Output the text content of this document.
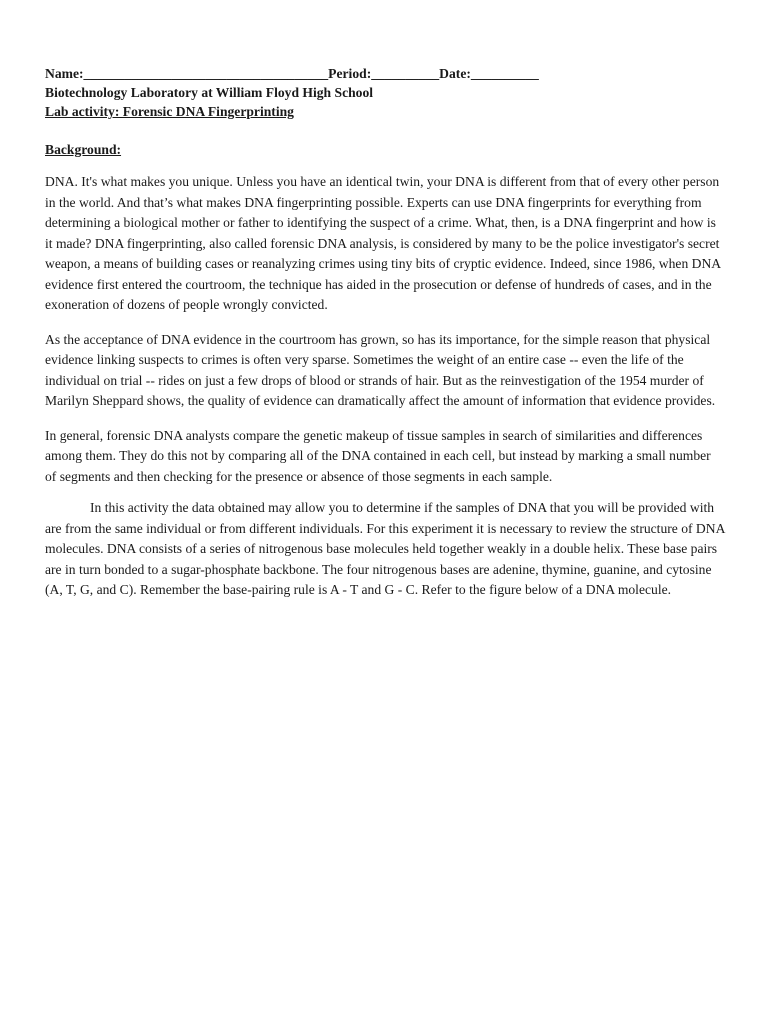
Name:____________________________________Period:__________Date:__________
Biotechnology Laboratory at William Floyd High School
Lab activity: Forensic DNA Fingerprinting
Background:

DNA. It's what makes you unique. Unless you have an identical twin, your DNA is different from that of every other person in the world. And that’s what makes DNA fingerprinting possible. Experts can use DNA fingerprints for everything from determining a biological mother or father to identifying the suspect of a crime. What, then, is a DNA fingerprint and how is it made? DNA fingerprinting, also called forensic DNA analysis, is considered by many to be the police investigator's secret weapon, a means of building cases or reanalyzing crimes using tiny bits of cryptic evidence. Indeed, since 1986, when DNA evidence first entered the courtroom, the technique has aided in the prosecution or defense of hundreds of cases, and in the exoneration of dozens of people wrongly convicted.

As the acceptance of DNA evidence in the courtroom has grown, so has its importance, for the simple reason that physical evidence linking suspects to crimes is often very sparse. Sometimes the weight of an entire case -- even the life of the individual on trial -- rides on just a few drops of blood or strands of hair. But as the reinvestigation of the 1954 murder of Marilyn Sheppard shows, the quality of evidence can dramatically affect the amount of information that evidence provides.

In general, forensic DNA analysts compare the genetic makeup of tissue samples in search of similarities and differences among them. They do this not by comparing all of the DNA contained in each cell, but instead by marking a small number of segments and then checking for the presence or absence of those segments in each sample.

In this activity the data obtained may allow you to determine if the samples of DNA that you will be provided with are from the same individual or from different individuals. For this experiment it is necessary to review the structure of DNA molecules. DNA consists of a series of nitrogenous base molecules held together weakly in a double helix. These base pairs are in turn bonded to a sugar-phosphate backbone. The four nitrogenous bases are adenine, thymine, guanine, and cytosine (A, T, G, and C). Remember the base-pairing rule is A - T and G - C. Refer to the figure below of a DNA molecule.
